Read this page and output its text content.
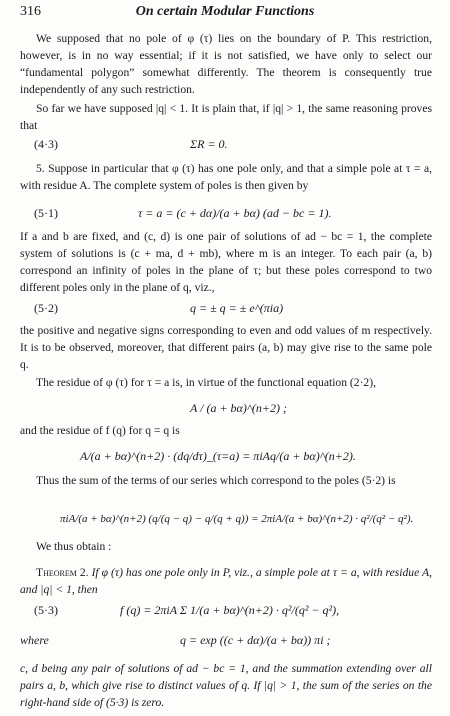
316	On certain Modular Functions
We supposed that no pole of φ (τ) lies on the boundary of P. This restriction, however, is in no way essential; if it is not satisfied, we have only to select our “fundamental polygon” somewhat differently. The theorem is consequently true independently of any such restriction.
So far we have supposed |q| < 1. It is plain that, if |q| > 1, the same reasoning proves that
(4·3)	ΣR = 0.
5. Suppose in particular that φ (τ) has one pole only, and that a simple pole at τ = a, with residue A. The complete system of poles is then given by
(5·1)	τ = a = (c + dα)/(a + bα) (ad − bc = 1).
If a and b are fixed, and (c, d) is one pair of solutions of ad − bc = 1, the complete system of solutions is (c + ma, d + mb), where m is an integer. To each pair (a, b) correspond an infinity of poles in the plane of τ; but these poles correspond to two different poles only in the plane of q, viz.,
(5·2)	q = ± q = ± e^(πia)
the positive and negative signs corresponding to even and odd values of m respectively. It is to be observed, moreover, that different pairs (a, b) may give rise to the same pole q.
The residue of φ (τ) for τ = a is, in virtue of the functional equation (2·2),
A / (a + bα)^(n+2) ;
and the residue of f (q) for q = q is
A/(a + bα)^(n+2) · (dq/dτ)_(τ=a) = πiAq/(a + bα)^(n+2).
Thus the sum of the terms of our series which correspond to the poles (5·2) is
πiA/(a + bα)^(n+2) (q/(q − q) − q/(q + q)) = 2πiA/(a + bα)^(n+2) · q²/(q² − q²).
We thus obtain :
Theorem 2. If φ (τ) has one pole only in P, viz., a simple pole at τ = a, with residue A, and |q| < 1, then
(5·3)	f (q) = 2πiA Σ 1/(a + bα)^(n+2) · q²/(q² − q²),
where	q = exp ((c + dα)/(a + bα)) πi ;
c, d being any pair of solutions of ad − bc = 1, and the summation extending over all pairs a, b, which give rise to distinct values of q. If |q| > 1, the sum of the series on the right-hand side of (5·3) is zero.
